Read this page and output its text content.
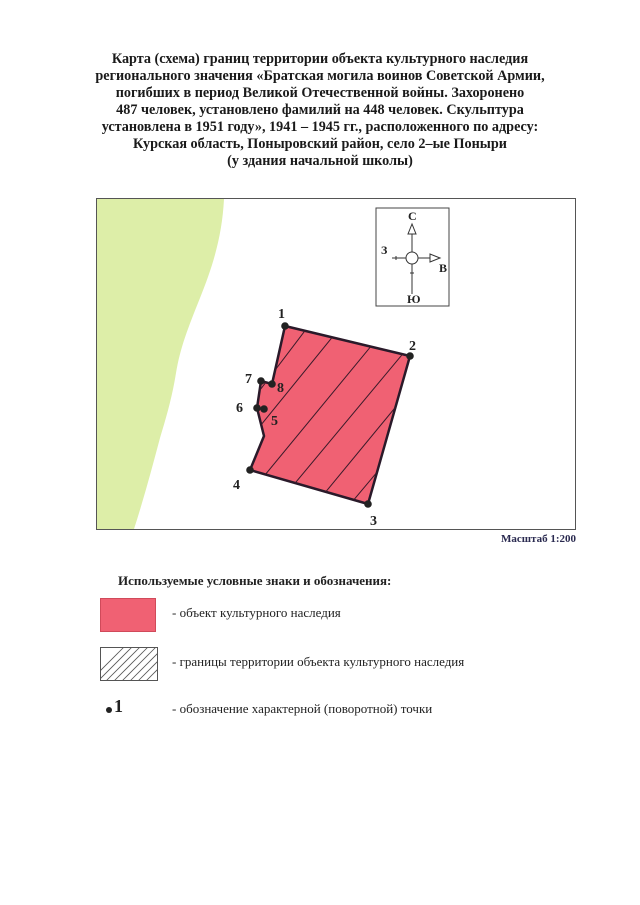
Карта (схема) границ территории объекта культурного наследия
регионального значения «Братская могила воинов Советской Армии,
погибших в период Великой Отечественной войны. Захоронено
487 человек, установлено фамилий на 448 человек. Скульптура
установлена в 1951 году», 1941 – 1945 гг., расположенного по адресу:
Курская область, Поныровский район, село 2–ые Поныри
(у здания начальной школы)
1
2
3
4
5
6
7
8
С
Ю
З
В
Масштаб 1:200
Используемые условные знаки и обозначения:
- объект культурного наследия
- границы территории объекта культурного наследия
1	- обозначение характерной (поворотной) точки
